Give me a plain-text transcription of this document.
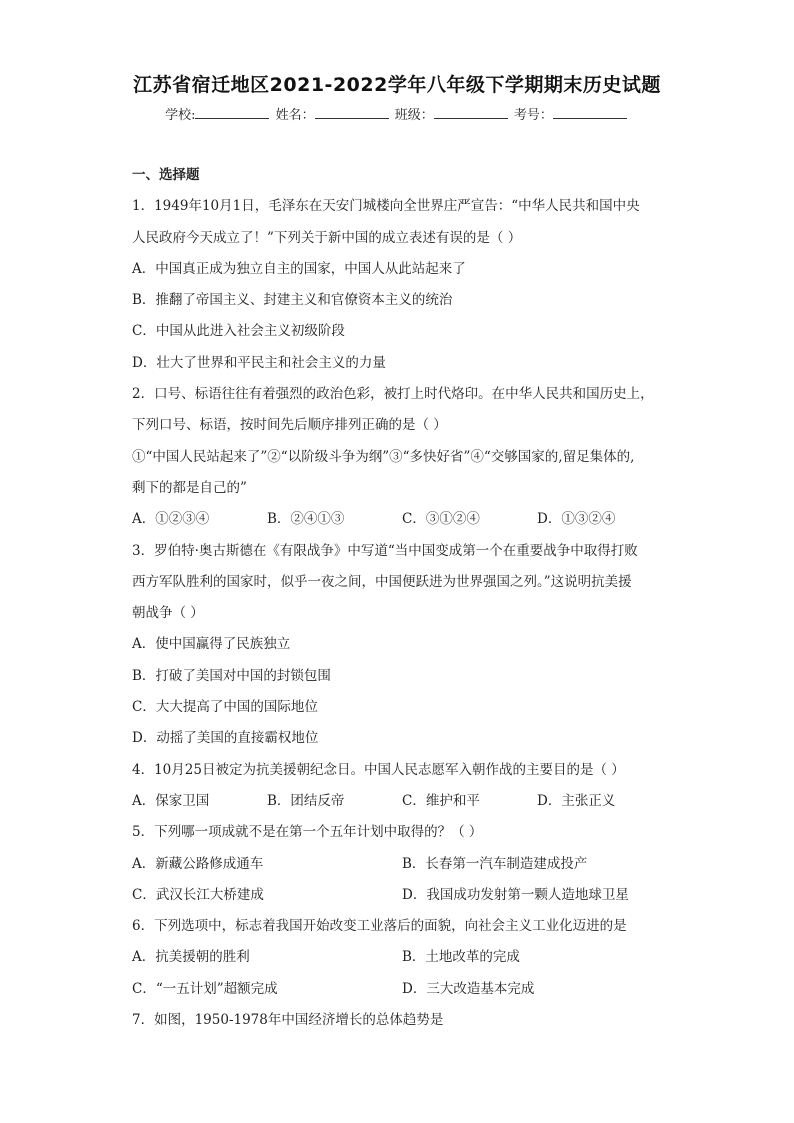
江苏省宿迁地区2021-2022学年八年级下学期期末历史试题
学校:	姓名：	班级：	考号：
一、选择题
1．1949年10月1日，毛泽东在天安门城楼向全世界庄严宣告：“中华人民共和国中央
人民政府今天成立了！”下列关于新中国的成立表述有误的是（ ）
A．中国真正成为独立自主的国家，中国人从此站起来了
B．推翻了帝国主义、封建主义和官僚资本主义的统治
C．中国从此进入社会主义初级阶段
D．壮大了世界和平民主和社会主义的力量
2．口号、标语往往有着强烈的政治色彩，被打上时代烙印。在中华人民共和国历史上，
下列口号、标语，按时间先后顺序排列正确的是（ ）
①“中国人民站起来了”②“以阶级斗争为纲”③“多快好省”④“交够国家的,留足集体的,
剩下的都是自己的”
A．①②③④	B．②④①③	C．③①②④	D．①③②④
3．罗伯特·奥古斯德在《有限战争》中写道“当中国变成第一个在重要战争中取得打败
西方军队胜利的国家时，似乎一夜之间，中国便跃进为世界强国之列。”这说明抗美援
朝战争（ ）
A．使中国赢得了民族独立
B．打破了美国对中国的封锁包围
C．大大提高了中国的国际地位
D．动摇了美国的直接霸权地位
4．10月25日被定为抗美援朝纪念日。中国人民志愿军入朝作战的主要目的是（ ）
A．保家卫国	B．团结反帝	C．维护和平	D．主张正义
5．下列哪一项成就不是在第一个五年计划中取得的？（ ）
A．新藏公路修成通车	B．长春第一汽车制造建成投产
C．武汉长江大桥建成	D．我国成功发射第一颗人造地球卫星
6．下列选项中，标志着我国开始改变工业落后的面貌，向社会主义工业化迈进的是
A．抗美援朝的胜利	B．土地改革的完成
C．“一五计划”超额完成	D．三大改造基本完成
7．如图，1950-1978年中国经济增长的总体趋势是
